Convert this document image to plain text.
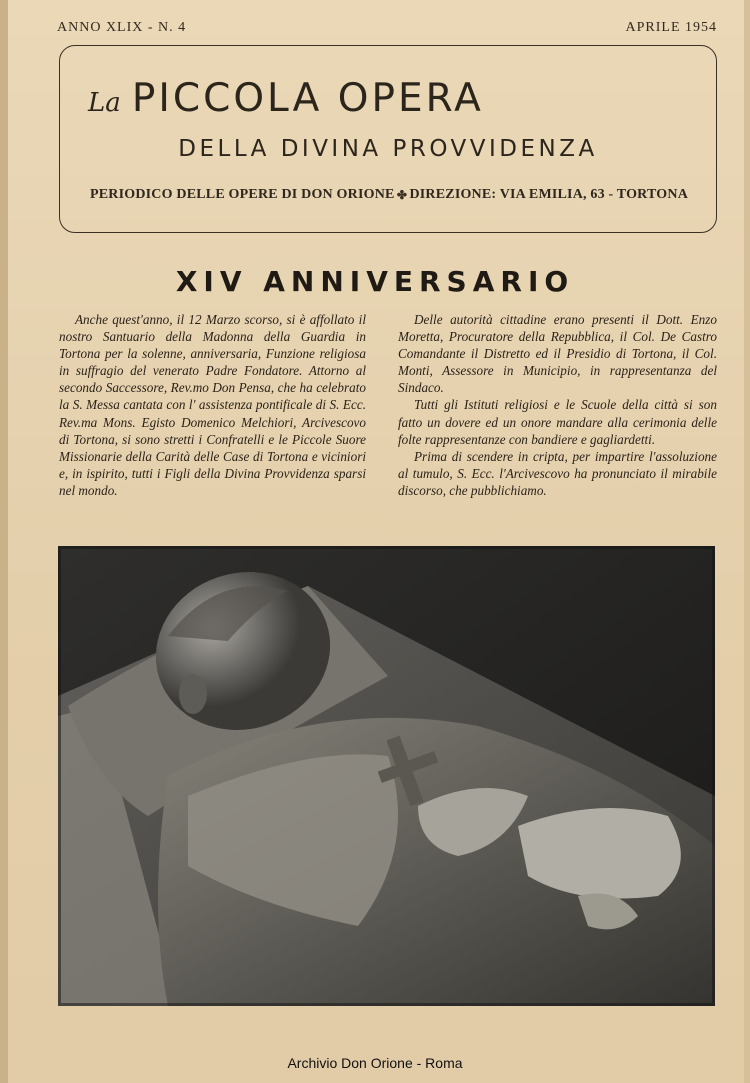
ANNO XLIX - N. 4	APRILE 1954
La PICCOLA OPERA
DELLA DIVINA PROVVIDENZA
PERIODICO DELLE OPERE DI DON ORIONE ✤ DIREZIONE: VIA EMILIA, 63 - TORTONA
XIV ANNIVERSARIO

Anche quest'anno, il 12 Marzo scorso, si è affollato il nostro Santuario della Madonna della Guardia in Tortona per la solenne, anniversaria, Funzione religiosa in suffragio del venerato Padre Fondatore. Attorno al secondo Saccessore, Rev.mo Don Pensa, che ha celebrato la S. Messa cantata con l' assistenza pontificale di S. Ecc. Rev.ma Mons. Egisto Domenico Melchiori, Arcivescovo di Tortona, si sono stretti i Confratelli e le Piccole Suore Missionarie della Carità delle Case di Tortona e viciniori e, in ispirito, tutti i Figli della Divina Provvidenza sparsi nel mondo.

Delle autorità cittadine erano presenti il Dott. Enzo Moretta, Procuratore della Repubblica, il Col. De Castro Comandante il Distretto ed il Presidio di Tortona, il Col. Monti, Assessore in Municipio, in rappresentanza del Sindaco.

Tutti gli Istituti religiosi e le Scuole della città si son fatto un dovere ed un onore mandare alla cerimonia delle folte rappresentanze con bandiere e gagliardetti.

Prima di scendere in cripta, per impartire l'assoluzione al tumulo, S. Ecc. l'Arcivescovo ha pronunciato il mirabile discorso, che pubblichiamo.

Archivio Don Orione - Roma
